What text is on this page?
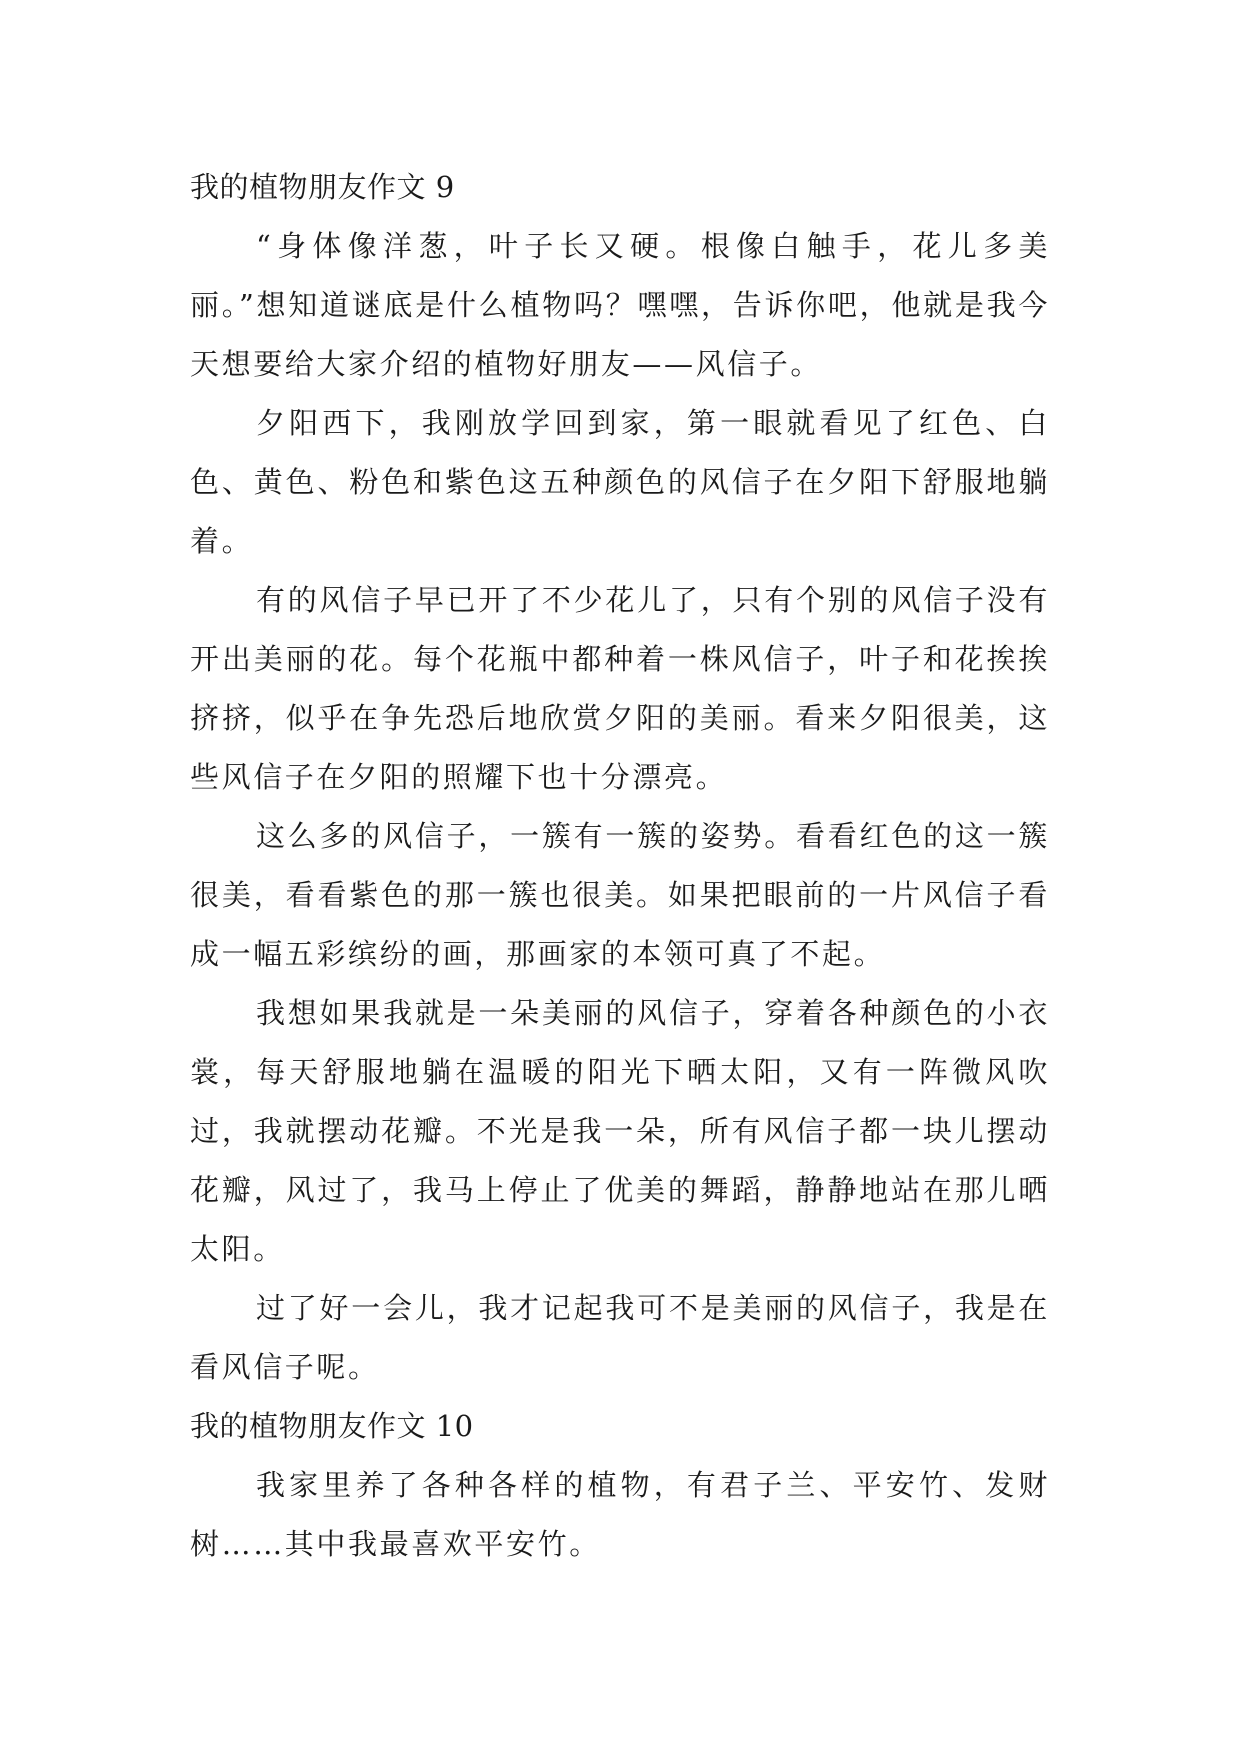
我的植物朋友作文 9

“身体像洋葱，叶子长又硬。根像白触手，花儿多美丽。”想知道谜底是什么植物吗？嘿嘿，告诉你吧，他就是我今天想要给大家介绍的植物好朋友——风信子。

夕阳西下，我刚放学回到家，第一眼就看见了红色、白色、黄色、粉色和紫色这五种颜色的风信子在夕阳下舒服地躺着。

有的风信子早已开了不少花儿了，只有个别的风信子没有开出美丽的花。每个花瓶中都种着一株风信子，叶子和花挨挨挤挤，似乎在争先恐后地欣赏夕阳的美丽。看来夕阳很美，这些风信子在夕阳的照耀下也十分漂亮。

这么多的风信子，一簇有一簇的姿势。看看红色的这一簇很美，看看紫色的那一簇也很美。如果把眼前的一片风信子看成一幅五彩缤纷的画，那画家的本领可真了不起。

我想如果我就是一朵美丽的风信子，穿着各种颜色的小衣裳，每天舒服地躺在温暖的阳光下晒太阳，又有一阵微风吹过，我就摆动花瓣。不光是我一朵，所有风信子都一块儿摆动花瓣，风过了，我马上停止了优美的舞蹈，静静地站在那儿晒太阳。

过了好一会儿，我才记起我可不是美丽的风信子，我是在看风信子呢。

我的植物朋友作文 10

我家里养了各种各样的植物，有君子兰、平安竹、发财树……其中我最喜欢平安竹。
